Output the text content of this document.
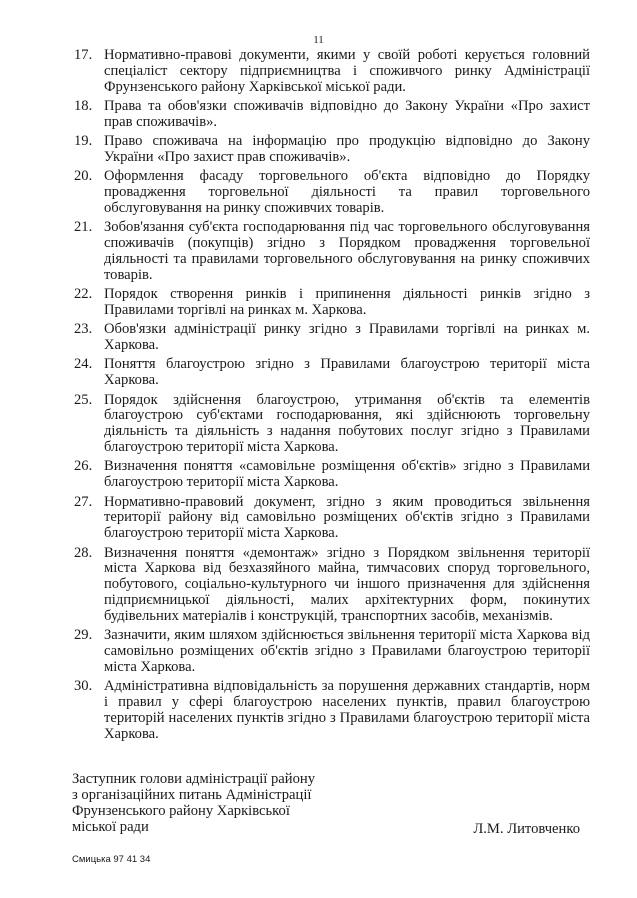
11
17. Нормативно-правові документи, якими у своїй роботі керується головний спеціаліст сектору підприємництва і споживчого ринку Адміністрації Фрунзенського району Харківської міської ради.
18. Права та обов'язки споживачів відповідно до Закону України «Про захист прав споживачів».
19. Право споживача на інформацію про продукцію відповідно до Закону України «Про захист прав споживачів».
20. Оформлення фасаду торговельного об'єкта відповідно до Порядку провадження торговельної діяльності та правил торговельного обслуговування на ринку споживчих товарів.
21. Зобов'язання суб'єкта господарювання під час торговельного обслуговування споживачів (покупців) згідно з Порядком провадження торговельної діяльності та правилами торговельного обслуговування на ринку споживчих товарів.
22. Порядок створення ринків і припинення діяльності ринків згідно з Правилами торгівлі на ринках м. Харкова.
23. Обов'язки адміністрації ринку згідно з Правилами торгівлі на ринках м. Харкова.
24. Поняття благоустрою згідно з Правилами благоустрою території міста Харкова.
25. Порядок здійснення благоустрою, утримання об'єктів та елементів благоустрою суб'єктами господарювання, які здійснюють торговельну діяльність та діяльність з надання побутових послуг згідно з Правилами благоустрою території міста Харкова.
26. Визначення поняття «самовільне розміщення об'єктів» згідно з Правилами благоустрою території міста Харкова.
27. Нормативно-правовий документ, згідно з яким проводиться звільнення території району від самовільно розміщених об'єктів згідно з Правилами благоустрою території міста Харкова.
28. Визначення поняття «демонтаж» згідно з Порядком звільнення території міста Харкова від безхазяйного майна, тимчасових споруд торговельного, побутового, соціально-культурного чи іншого призначення для здійснення підприємницької діяльності, малих архітектурних форм, покинутих будівельних матеріалів і конструкцій, транспортних засобів, механізмів.
29. Зазначити, яким шляхом здійснюється звільнення території міста Харкова від самовільно розміщених об'єктів згідно з Правилами благоустрою території міста Харкова.
30. Адміністративна відповідальність за порушення державних стандартів, норм і правил у сфері благоустрою населених пунктів, правил благоустрою територій населених пунктів згідно з Правилами благоустрою території міста Харкова.
Заступник голови адміністрації району
з організаційних питань Адміністрації
Фрунзенського району Харківської
міської ради	Л.М. Литовченко
Смицька 97 41 34
